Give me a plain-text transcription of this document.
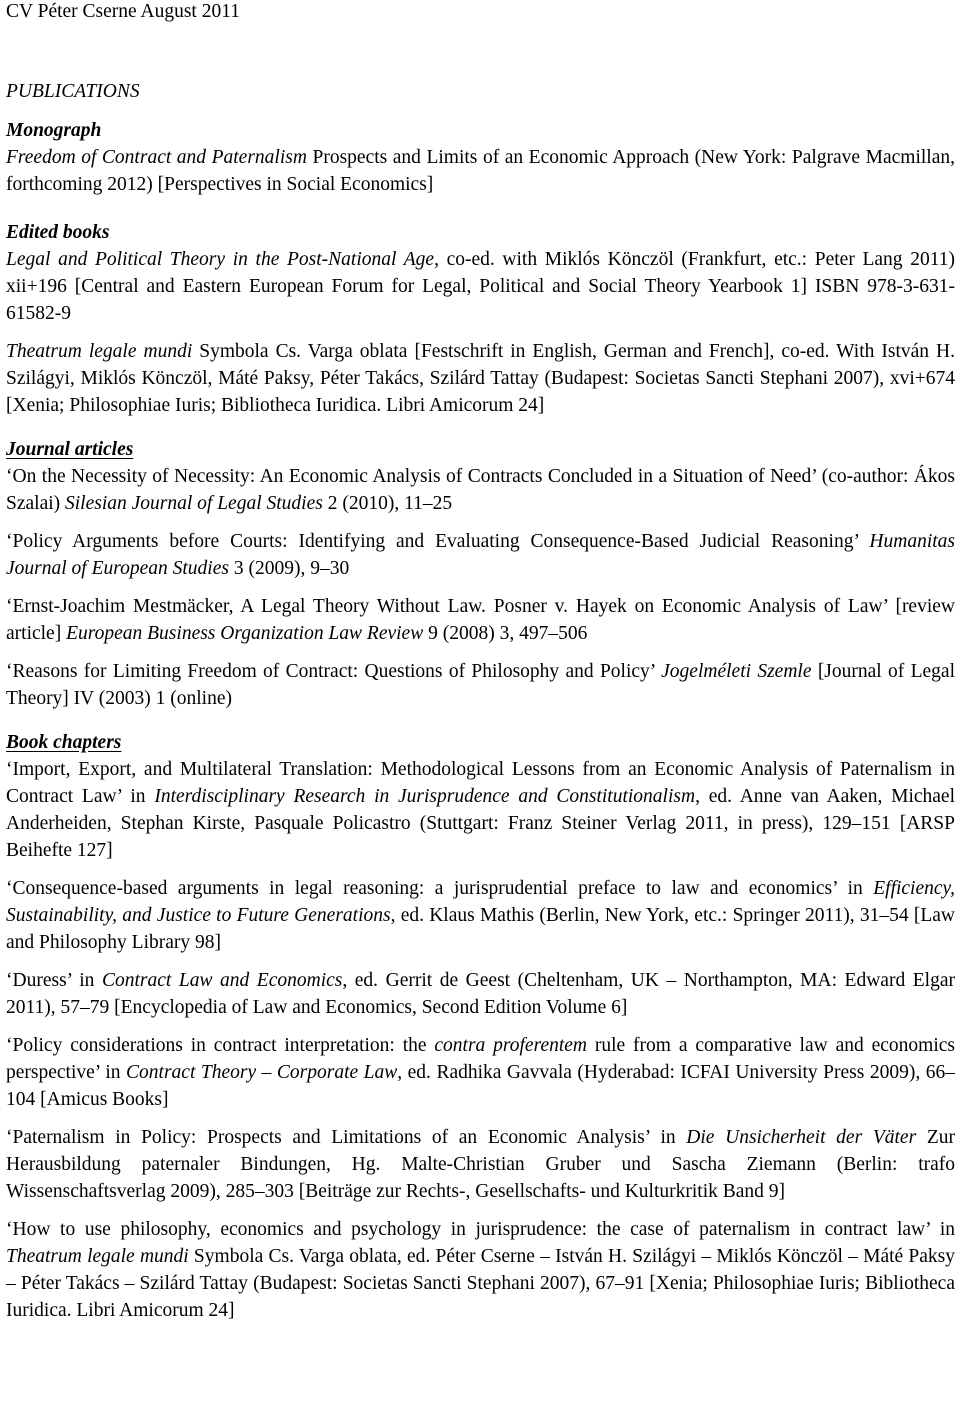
CV Péter Cserne August 2011
PUBLICATIONS
Monograph
Freedom of Contract and Paternalism Prospects and Limits of an Economic Approach (New York: Palgrave Macmillan, forthcoming 2012) [Perspectives in Social Economics]
Edited books
Legal and Political Theory in the Post-National Age, co-ed. with Miklós Könczöl (Frankfurt, etc.: Peter Lang 2011) xii+196 [Central and Eastern European Forum for Legal, Political and Social Theory Yearbook 1] ISBN 978-3-631-61582-9
Theatrum legale mundi Symbola Cs. Varga oblata [Festschrift in English, German and French], co-ed. With István H. Szilágyi, Miklós Könczöl, Máté Paksy, Péter Takács, Szilárd Tattay (Budapest: Societas Sancti Stephani 2007), xvi+674 [Xenia; Philosophiae Iuris; Bibliotheca Iuridica. Libri Amicorum 24]
Journal articles
‘On the Necessity of Necessity: An Economic Analysis of Contracts Concluded in a Situation of Need’ (co-author: Ákos Szalai) Silesian Journal of Legal Studies 2 (2010), 11–25
‘Policy Arguments before Courts: Identifying and Evaluating Consequence-Based Judicial Reasoning’ Humanitas Journal of European Studies 3 (2009), 9–30
‘Ernst-Joachim Mestmäcker, A Legal Theory Without Law. Posner v. Hayek on Economic Analysis of Law’ [review article] European Business Organization Law Review 9 (2008) 3, 497–506
‘Reasons for Limiting Freedom of Contract: Questions of Philosophy and Policy’ Jogelméleti Szemle [Journal of Legal Theory] IV (2003) 1 (online)
Book chapters
‘Import, Export, and Multilateral Translation: Methodological Lessons from an Economic Analysis of Paternalism in Contract Law’ in Interdisciplinary Research in Jurisprudence and Constitutionalism, ed. Anne van Aaken, Michael Anderheiden, Stephan Kirste, Pasquale Policastro (Stuttgart: Franz Steiner Verlag 2011, in press), 129–151 [ARSP Beihefte 127]
‘Consequence-based arguments in legal reasoning: a jurisprudential preface to law and economics’ in Efficiency, Sustainability, and Justice to Future Generations, ed. Klaus Mathis (Berlin, New York, etc.: Springer 2011), 31–54 [Law and Philosophy Library 98]
‘Duress’ in Contract Law and Economics, ed. Gerrit de Geest (Cheltenham, UK – Northampton, MA: Edward Elgar 2011), 57–79 [Encyclopedia of Law and Economics, Second Edition Volume 6]
‘Policy considerations in contract interpretation: the contra proferentem rule from a comparative law and economics perspective’ in Contract Theory – Corporate Law, ed. Radhika Gavvala (Hyderabad: ICFAI University Press 2009), 66–104 [Amicus Books]
‘Paternalism in Policy: Prospects and Limitations of an Economic Analysis’ in Die Unsicherheit der Väter Zur Herausbildung paternaler Bindungen, Hg. Malte-Christian Gruber und Sascha Ziemann (Berlin: trafo Wissenschaftsverlag 2009), 285–303 [Beiträge zur Rechts-, Gesellschafts- und Kulturkritik Band 9]
‘How to use philosophy, economics and psychology in jurisprudence: the case of paternalism in contract law’ in Theatrum legale mundi Symbola Cs. Varga oblata, ed. Péter Cserne – István H. Szilágyi – Miklós Könczöl – Máté Paksy – Péter Takács – Szilárd Tattay (Budapest: Societas Sancti Stephani 2007), 67–91 [Xenia; Philosophiae Iuris; Bibliotheca Iuridica. Libri Amicorum 24]
